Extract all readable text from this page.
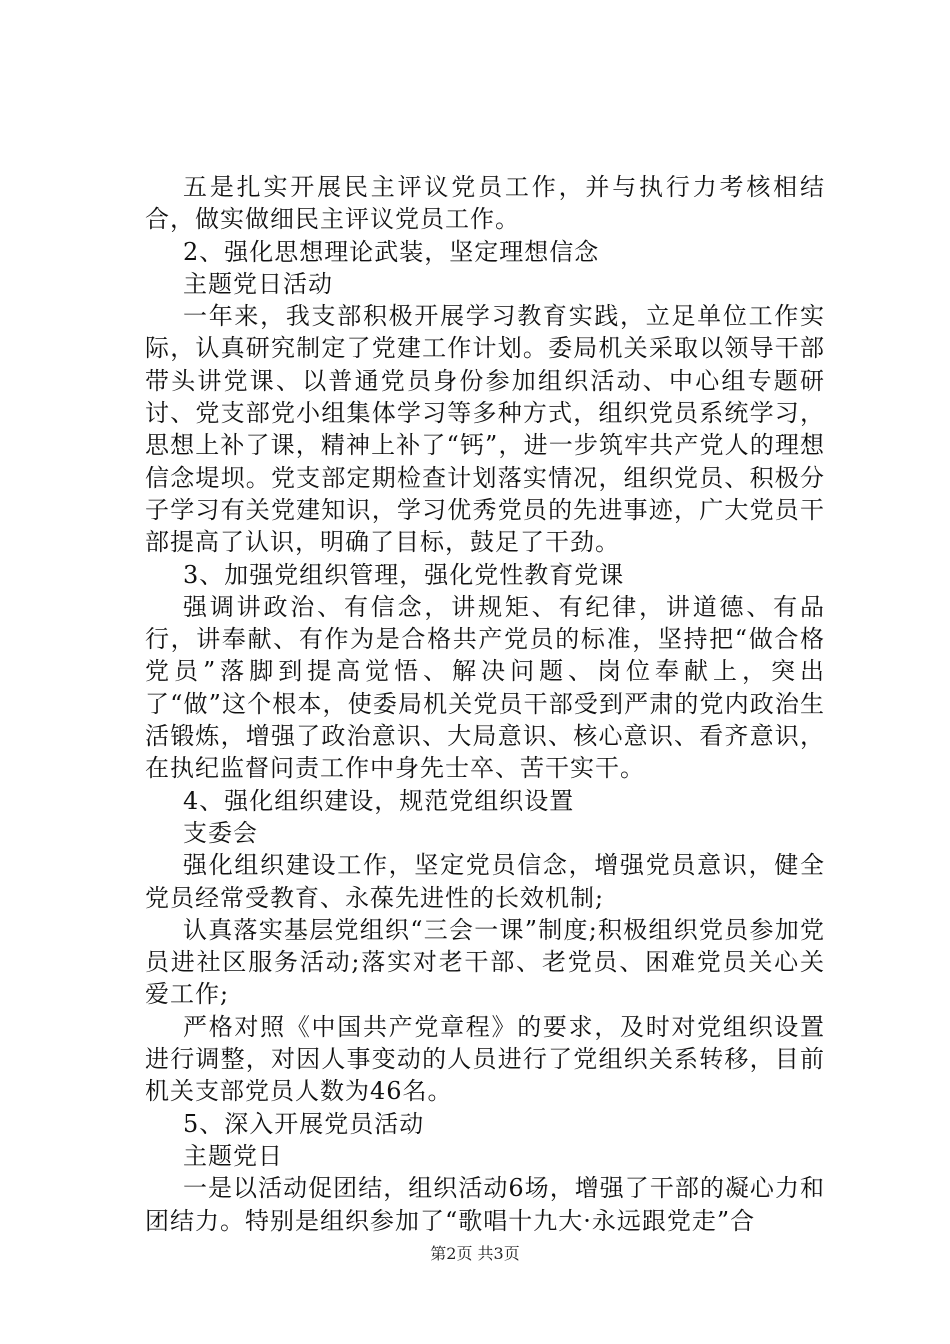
五是扎实开展民主评议党员工作，并与执行力考核相结合，做实做细民主评议党员工作。

2、强化思想理论武装，坚定理想信念

主题党日活动

一年来，我支部积极开展学习教育实践，立足单位工作实际，认真研究制定了党建工作计划。委局机关采取以领导干部带头讲党课、以普通党员身份参加组织活动、中心组专题研讨、党支部党小组集体学习等多种方式，组织党员系统学习，思想上补了课，精神上补了“钙”，进一步筑牢共产党人的理想信念堤坝。党支部定期检查计划落实情况，组织党员、积极分子学习有关党建知识，学习优秀党员的先进事迹，广大党员干部提高了认识，明确了目标，鼓足了干劲。

3、加强党组织管理，强化党性教育党课

强调讲政治、有信念，讲规矩、有纪律，讲道德、有品行，讲奉献、有作为是合格共产党员的标准，坚持把“做合格党员”落脚到提高觉悟、解决问题、岗位奉献上，突出了“做”这个根本，使委局机关党员干部受到严肃的党内政治生活锻炼，增强了政治意识、大局意识、核心意识、看齐意识，在执纪监督问责工作中身先士卒、苦干实干。

4、强化组织建设，规范党组织设置

支委会

强化组织建设工作，坚定党员信念，增强党员意识，健全党员经常受教育、永葆先进性的长效机制;

认真落实基层党组织“三会一课”制度;积极组织党员参加党员进社区服务活动;落实对老干部、老党员、困难党员关心关爱工作;

严格对照《中国共产党章程》的要求，及时对党组织设置进行调整，对因人事变动的人员进行了党组织关系转移，目前机关支部党员人数为46名。

5、深入开展党员活动

主题党日

一是以活动促团结，组织活动6场，增强了干部的凝心力和团结力。特别是组织参加了“歌唱十九大·永远跟党走”合

第2页 共3页
